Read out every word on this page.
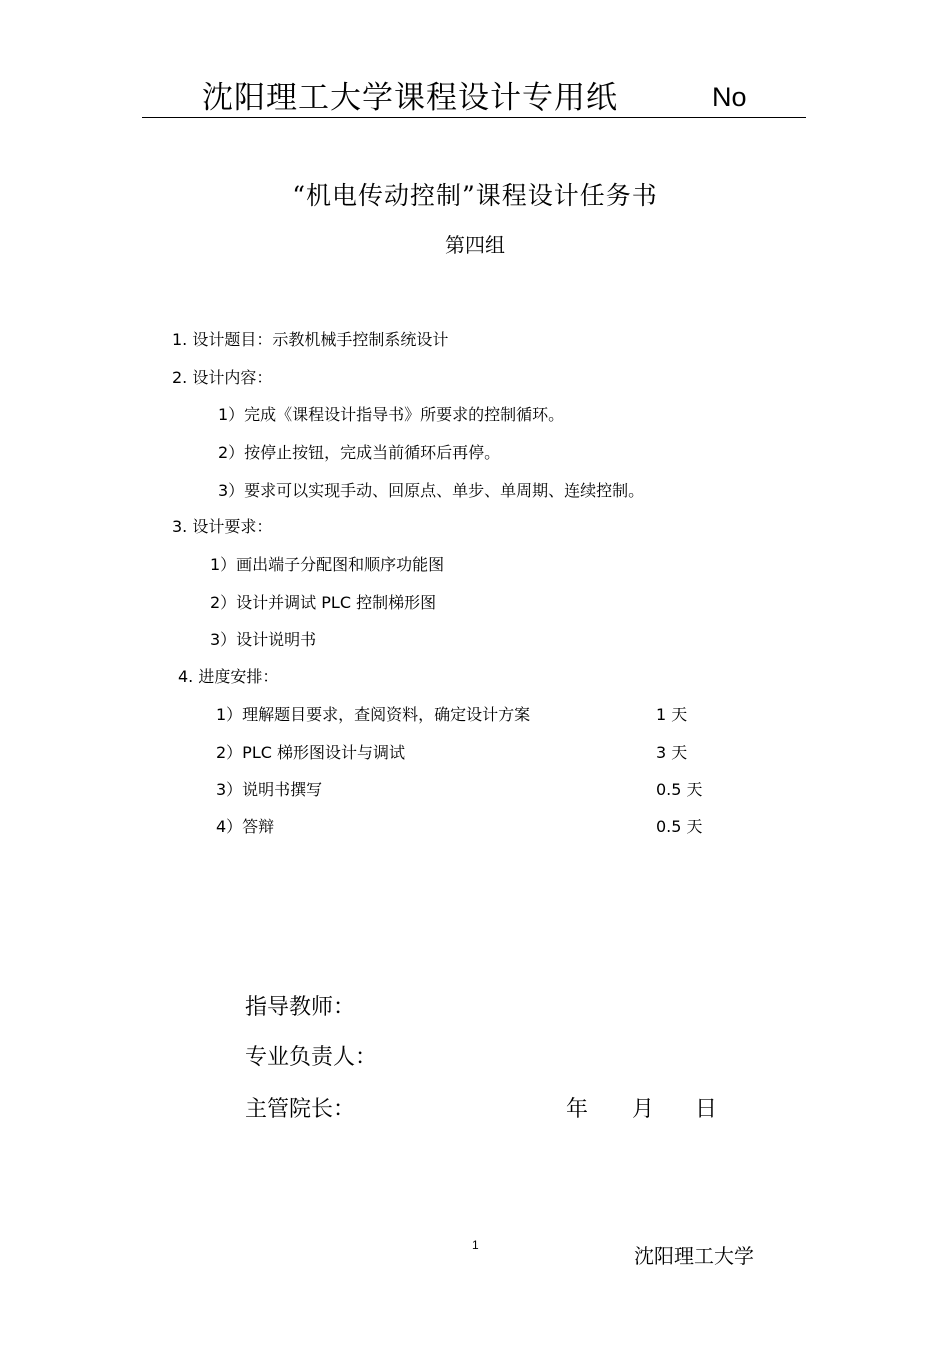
沈阳理工大学课程设计专用纸	No
“机电传动控制”课程设计任务书
第四组
1. 设计题目：示教机械手控制系统设计
2. 设计内容：
1）完成《课程设计指导书》所要求的控制循环。
2）按停止按钮，完成当前循环后再停。
3）要求可以实现手动、回原点、单步、单周期、连续控制。
3. 设计要求：
1）画出端子分配图和顺序功能图
2）设计并调试 PLC 控制梯形图
3）设计说明书
4. 进度安排：
1）理解题目要求，查阅资料，确定设计方案	1 天
2）PLC 梯形图设计与调试	3 天
3）说明书撰写	0.5 天
4）答辩	0.5 天
指导教师：
专业负责人：
主管院长：	年 月 日
1	沈阳理工大学
